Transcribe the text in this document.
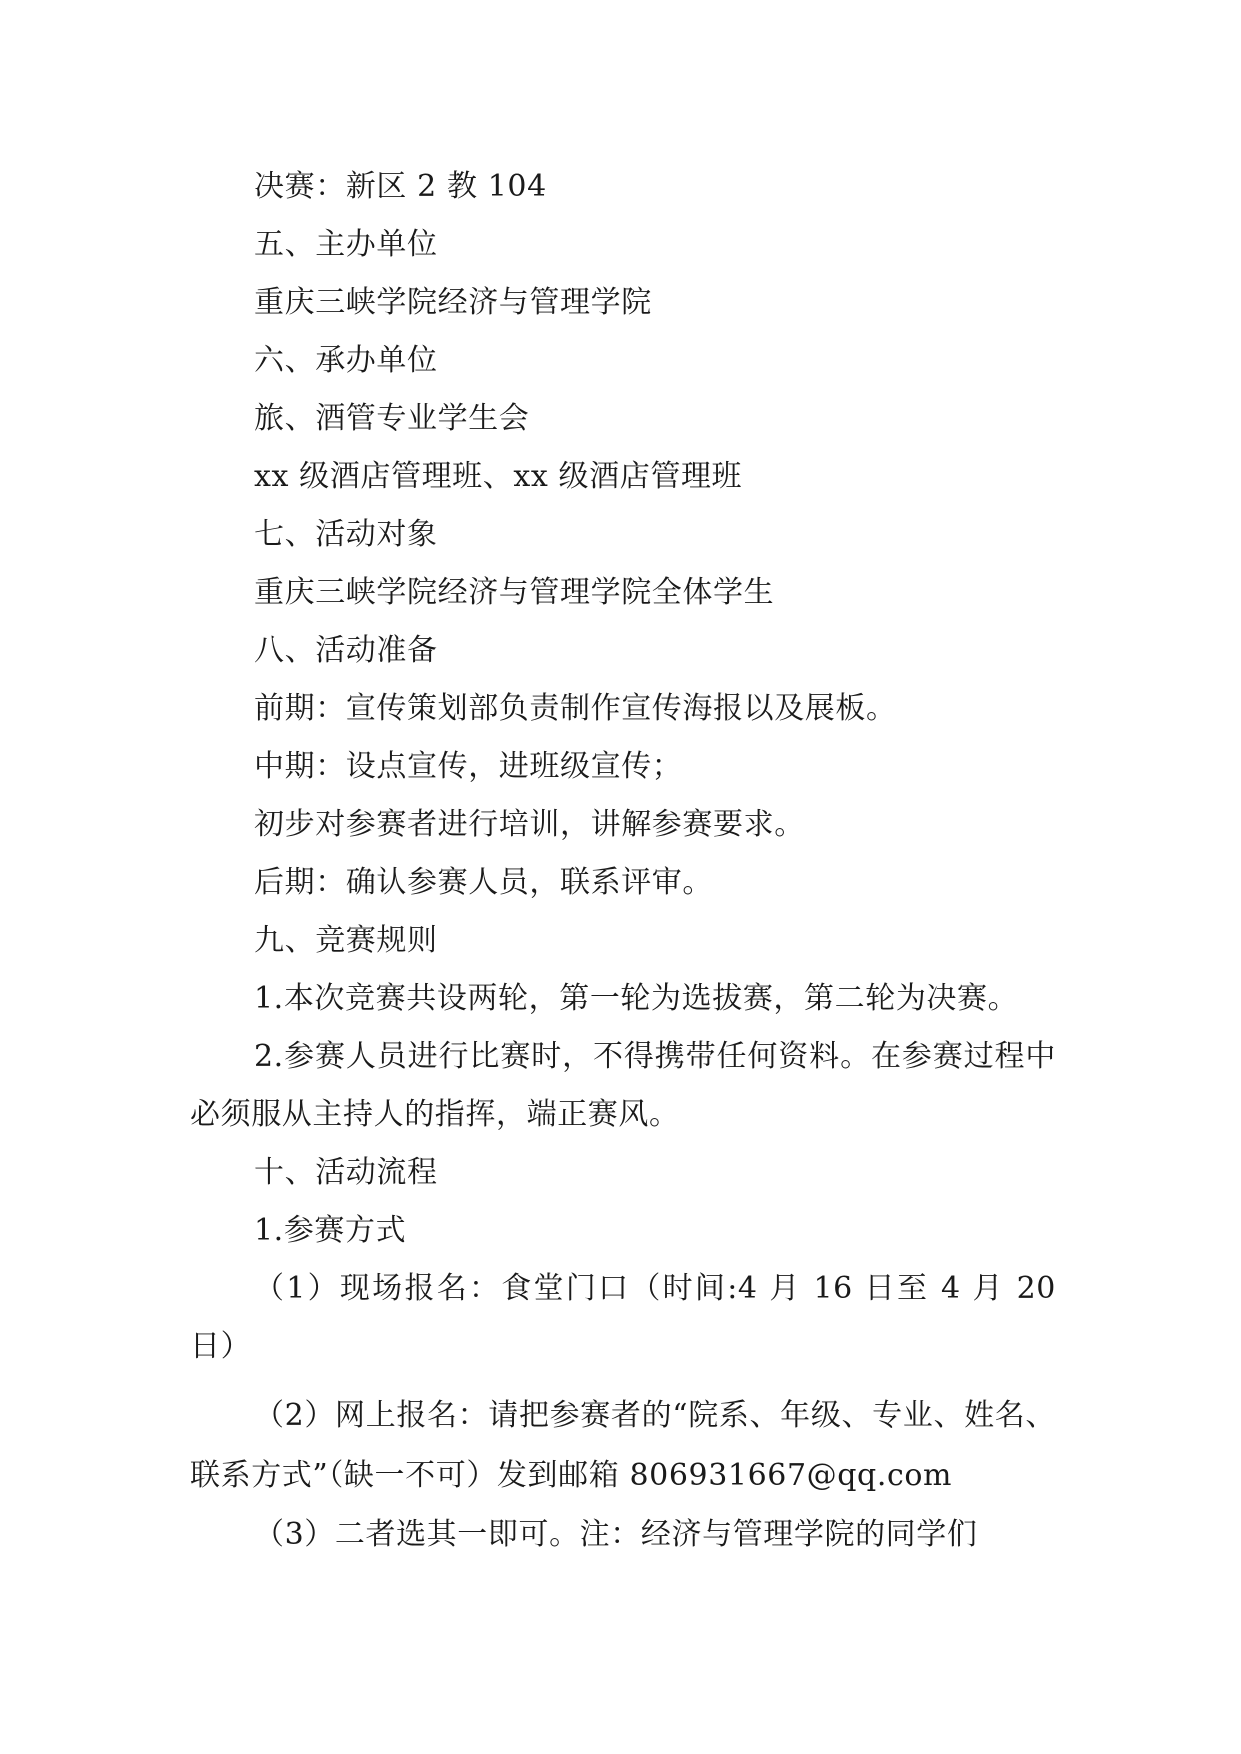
决赛：新区 2 教 104
五、主办单位
重庆三峡学院经济与管理学院
六、承办单位
旅、酒管专业学生会
xx 级酒店管理班、xx 级酒店管理班
七、活动对象
重庆三峡学院经济与管理学院全体学生
八、活动准备
前期：宣传策划部负责制作宣传海报以及展板。
中期：设点宣传，进班级宣传；
初步对参赛者进行培训，讲解参赛要求。
后期：确认参赛人员，联系评审。
九、竞赛规则
1.本次竞赛共设两轮，第一轮为选拔赛，第二轮为决赛。
2.参赛人员进行比赛时，不得携带任何资料。在参赛过程中必须服从主持人的指挥，端正赛风。
十、活动流程
1.参赛方式
（1）现场报名：食堂门口（时间:4 月 16 日至 4 月 20 日）
（2）网上报名：请把参赛者的“院系、年级、专业、姓名、联系方式”（缺一不可）发到邮箱 806931667@qq.com
（3）二者选其一即可。注：经济与管理学院的同学们
